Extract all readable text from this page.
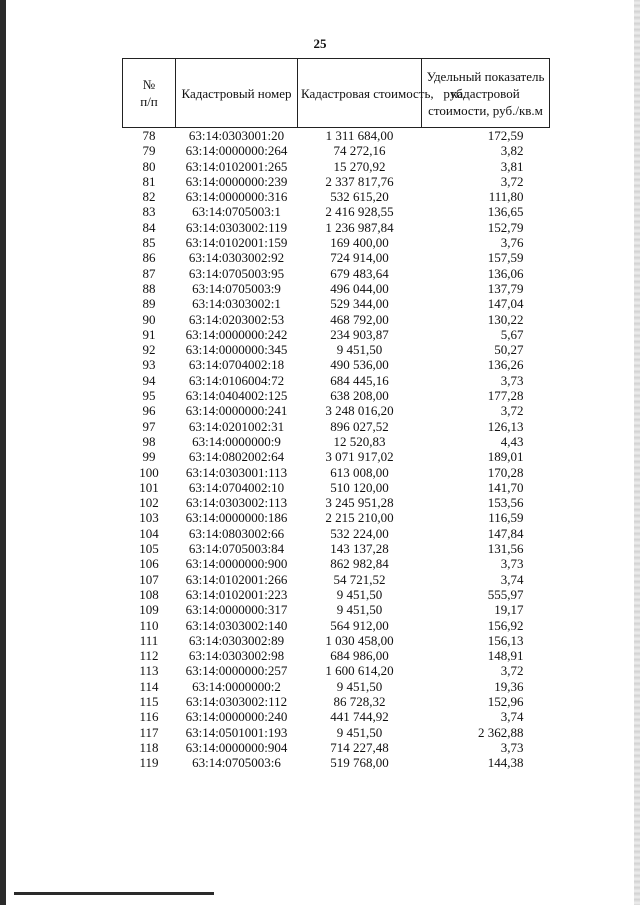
25
№
п/п	Кадастровый номер	Кадастровая стоимость,   руб.	Удельный показатель кадастровой стоимости, руб./кв.м
78	63:14:0303001:20	1 311 684,00	172,59
79	63:14:0000000:264	74 272,16	3,82
80	63:14:0102001:265	15 270,92	3,81
81	63:14:0000000:239	2 337 817,76	3,72
82	63:14:0000000:316	532 615,20	111,80
83	63:14:0705003:1	2 416 928,55	136,65
84	63:14:0303002:119	1 236 987,84	152,79
85	63:14:0102001:159	169 400,00	3,76
86	63:14:0303002:92	724 914,00	157,59
87	63:14:0705003:95	679 483,64	136,06
88	63:14:0705003:9	496 044,00	137,79
89	63:14:0303002:1	529 344,00	147,04
90	63:14:0203002:53	468 792,00	130,22
91	63:14:0000000:242	234 903,87	5,67
92	63:14:0000000:345	9 451,50	50,27
93	63:14:0704002:18	490 536,00	136,26
94	63:14:0106004:72	684 445,16	3,73
95	63:14:0404002:125	638 208,00	177,28
96	63:14:0000000:241	3 248 016,20	3,72
97	63:14:0201002:31	896 027,52	126,13
98	63:14:0000000:9	12 520,83	4,43
99	63:14:0802002:64	3 071 917,02	189,01
100	63:14:0303001:113	613 008,00	170,28
101	63:14:0704002:10	510 120,00	141,70
102	63:14:0303002:113	3 245 951,28	153,56
103	63:14:0000000:186	2 215 210,00	116,59
104	63:14:0803002:66	532 224,00	147,84
105	63:14:0705003:84	143 137,28	131,56
106	63:14:0000000:900	862 982,84	3,73
107	63:14:0102001:266	54 721,52	3,74
108	63:14:0102001:223	9 451,50	555,97
109	63:14:0000000:317	9 451,50	19,17
110	63:14:0303002:140	564 912,00	156,92
111	63:14:0303002:89	1 030 458,00	156,13
112	63:14:0303002:98	684 986,00	148,91
113	63:14:0000000:257	1 600 614,20	3,72
114	63:14:0000000:2	9 451,50	19,36
115	63:14:0303002:112	86 728,32	152,96
116	63:14:0000000:240	441 744,92	3,74
117	63:14:0501001:193	9 451,50	2 362,88
118	63:14:0000000:904	714 227,48	3,73
119	63:14:0705003:6	519 768,00	144,38
